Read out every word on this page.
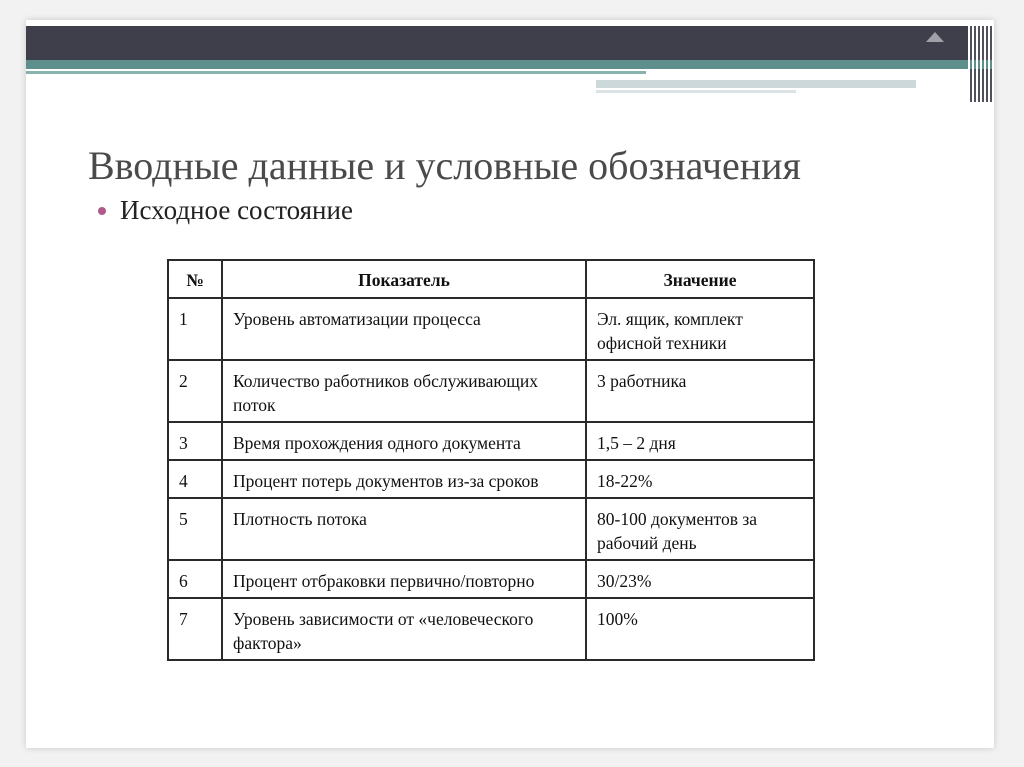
Вводные данные и условные обозначения
Исходное состояние
№	Показатель	Значение
1	Уровень автоматизации процесса	Эл. ящик, комплект офисной техники
2	Количество работников обслуживающих поток	3 работника
3	Время прохождения одного документа	1,5 – 2 дня
4	Процент потерь документов из-за сроков	18-22%
5	Плотность потока	80-100 документов за рабочий день
6	Процент отбраковки первично/повторно	30/23%
7	Уровень зависимости от «человеческого фактора»	100%
